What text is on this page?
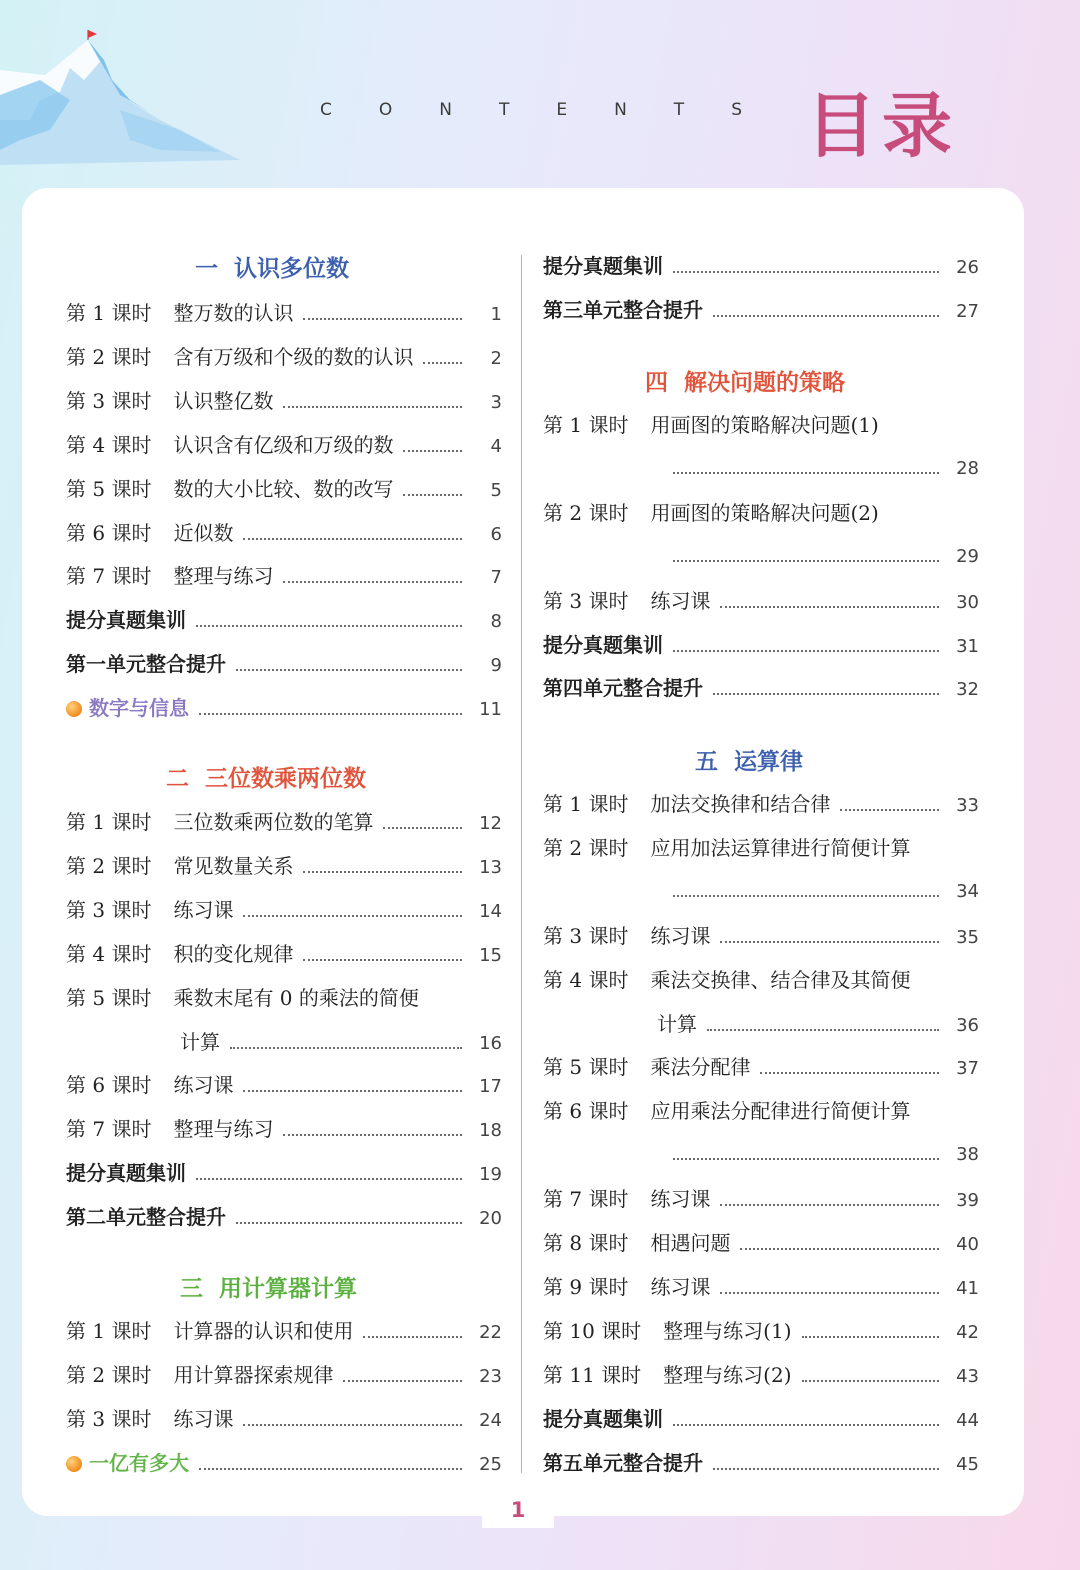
CONTENTS 目录
一  认识多位数
第 1 课时	整万数的认识	1
第 2 课时	含有万级和个级的数的认识	2
第 3 课时	认识整亿数	3
第 4 课时	认识含有亿级和万级的数	4
第 5 课时	数的大小比较、数的改写	5
第 6 课时	近似数	6
第 7 课时	整理与练习	7
提分真题集训	8
第一单元整合提升	9
数字与信息	11
二  三位数乘两位数
第 1 课时	三位数乘两位数的笔算	12
第 2 课时	常见数量关系	13
第 3 课时	练习课	14
第 4 课时	积的变化规律	15
第 5 课时	乘数末尾有 0 的乘法的简便
计算	16
第 6 课时	练习课	17
第 7 课时	整理与练习	18
提分真题集训	19
第二单元整合提升	20
三  用计算器计算
第 1 课时	计算器的认识和使用	22
第 2 课时	用计算器探索规律	23
第 3 课时	练习课	24
一亿有多大	25
提分真题集训	26
第三单元整合提升	27
四  解决问题的策略
第 1 课时	用画图的策略解决问题(1)
28
第 2 课时	用画图的策略解决问题(2)
29
第 3 课时	练习课	30
提分真题集训	31
第四单元整合提升	32
五  运算律
第 1 课时	加法交换律和结合律	33
第 2 课时	应用加法运算律进行简便计算
34
第 3 课时	练习课	35
第 4 课时	乘法交换律、结合律及其简便
计算	36
第 5 课时	乘法分配律	37
第 6 课时	应用乘法分配律进行简便计算
38
第 7 课时	练习课	39
第 8 课时	相遇问题	40
第 9 课时	练习课	41
第 10 课时	整理与练习(1)	42
第 11 课时	整理与练习(2)	43
提分真题集训	44
第五单元整合提升	45
1
